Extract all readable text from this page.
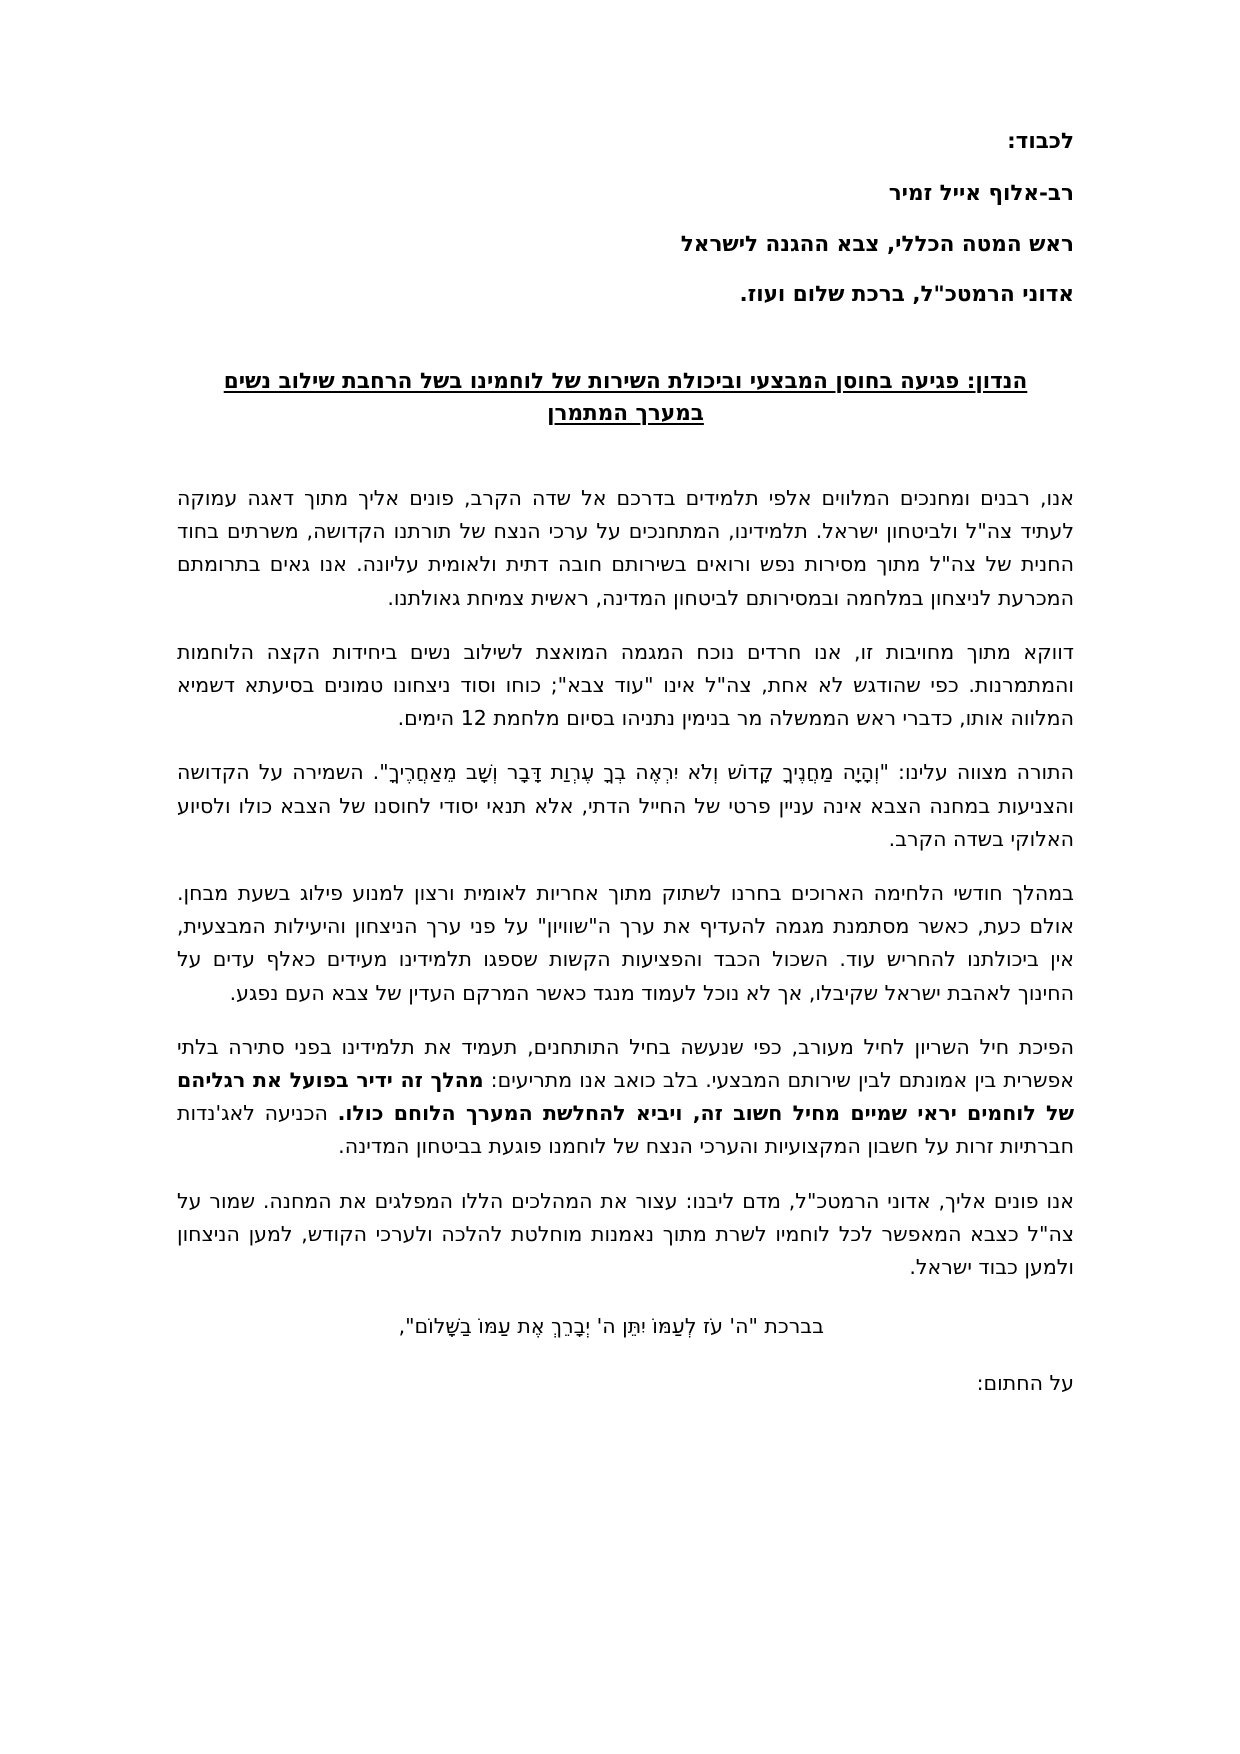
לכבוד:

רב-אלוף אייל זמיר

ראש המטה הכללי, צבא ההגנה לישראל

אדוני הרמטכ"ל, ברכת שלום ועוז.

הנדון: פגיעה בחוסן המבצעי וביכולת השירות של לוחמינו בשל הרחבת שילוב נשים

במערך המתמרן

אנו, רבנים ומחנכים המלווים אלפי תלמידים בדרכם אל שדה הקרב, פונים אליך מתוך דאגה עמוקה לעתיד צה"ל ולביטחון ישראל. תלמידינו, המתחנכים על ערכי הנצח של תורתנו הקדושה, משרתים בחוד החנית של צה"ל מתוך מסירות נפש ורואים בשירותם חובה דתית ולאומית עליונה. אנו גאים בתרומתם המכרעת לניצחון במלחמה ובמסירותם לביטחון המדינה, ראשית צמיחת גאולתנו.

דווקא מתוך מחויבות זו, אנו חרדים נוכח המגמה המואצת לשילוב נשים ביחידות הקצה הלוחמות והמתמרנות. כפי שהודגש לא אחת, צה"ל אינו "עוד צבא"; כוחו וסוד ניצחונו טמונים בסיעתא דשמיא המלווה אותו, כדברי ראש הממשלה מר בנימין נתניהו בסיום מלחמת 12 הימים.

התורה מצווה עלינו: "וְהָיָה מַחֲנֶיךָ קָדוֹשׁ וְלֹא יִרְאֶה בְךָ עֶרְוַת דָּבָר וְשָׁב מֵאַחֲרֶיךָ". השמירה על הקדושה והצניעות במחנה הצבא אינה עניין פרטי של החייל הדתי, אלא תנאי יסודי לחוסנו של הצבא כולו ולסיוע האלוקי בשדה הקרב.

במהלך חודשי הלחימה הארוכים בחרנו לשתוק מתוך אחריות לאומית ורצון למנוע פילוג בשעת מבחן. אולם כעת, כאשר מסתמנת מגמה להעדיף את ערך ה"שוויון" על פני ערך הניצחון והיעילות המבצעית, אין ביכולתנו להחריש עוד. השכול הכבד והפציעות הקשות שספגו תלמידינו מעידים כאלף עדים על החינוך לאהבת ישראל שקיבלו, אך לא נוכל לעמוד מנגד כאשר המרקם העדין של צבא העם נפגע.

הפיכת חיל השריון לחיל מעורב, כפי שנעשה בחיל התותחנים, תעמיד את תלמידינו בפני סתירה בלתי אפשרית בין אמונתם לבין שירותם המבצעי. בלב כואב אנו מתריעים: מהלך זה ידיר בפועל את רגליהם של לוחמים יראי שמיים מחיל חשוב זה, ויביא להחלשת המערך הלוחם כולו. הכניעה לאג'נדות חברתיות זרות על חשבון המקצועיות והערכי הנצח של לוחמנו פוגעת בביטחון המדינה.

אנו פונים אליך, אדוני הרמטכ"ל, מדם ליבנו: עצור את המהלכים הללו המפלגים את המחנה. שמור על צה"ל כצבא המאפשר לכל לוחמיו לשרת מתוך נאמנות מוחלטת להלכה ולערכי הקודש, למען הניצחון ולמען כבוד ישראל.

בברכת "ה' עֹז לְעַמּוֹ יִתֵּן ה' יְבָרֵךְ אֶת עַמּוֹ בַשָּׁלוֹם",

על החתום:
